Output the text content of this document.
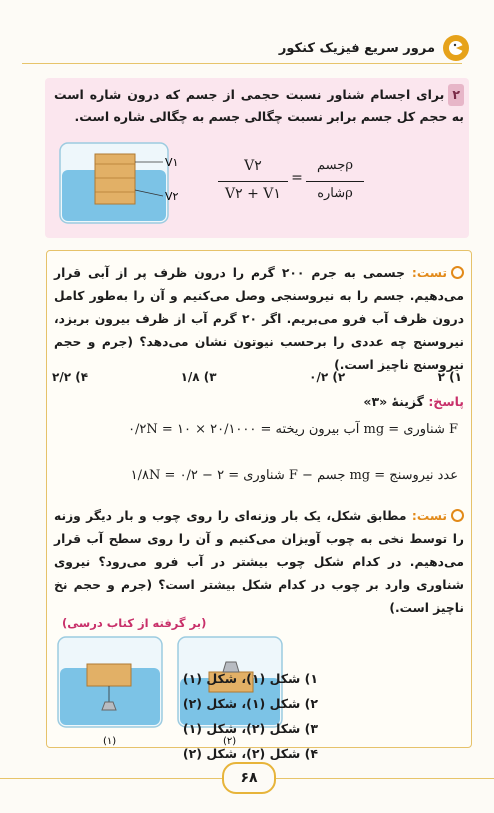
مرور سریع فیزیک کنکور
۲برای اجسام شناور نسبت حجمی از جسم که درون شاره است به حجم کل جسم برابر نسبت چگالی جسم به چگالی شاره است.
V۱
V۲
V۲
V۲ + V۱
=
ρجسم
ρشاره
تست: جسمی به جرم ۲۰۰ گرم را درون ظرف پر از آبی قرار می‌دهیم. جسم را به نیروسنجی وصل می‌کنیم و آن را به‌طور کامل درون ظرف آب فرو می‌بریم. اگر ۲۰ گرم آب از ظرف بیرون بریزد، نیروسنج چه عددی را برحسب نیوتون نشان می‌دهد؟ (جرم و حجم نیروسنج ناچیز است.)
۱) ۲
۲) ۰/۲
۳) ۱/۸
۴) ۲/۲
پاسخ: گزینهٔ «۳»
F شناوری = mg آب بیرون ریخته = ۲۰/۱۰۰۰ × ۱۰ = ۰/۲N
عدد نیروسنج = mg جسم − F شناوری = ۲ − ۰/۲ = ۱/۸N
تست: مطابق شکل، یک بار وزنه‌ای را روی چوب و بار دیگر وزنه را توسط نخی به چوب آویزان می‌کنیم و آن را روی سطح آب قرار می‌دهیم. در کدام شکل چوب بیشتر در آب فرو می‌رود؟ نیروی شناوری وارد بر چوب در کدام شکل بیشتر است؟ (جرم و حجم نخ ناچیز است.)
(بر گرفته از کتاب درسی)
(۱)	(۲)
۱) شکل (۱)، شکل (۱)
۲) شکل (۱)، شکل (۲)
۳) شکل (۲)، شکل (۱)
۴) شکل (۲)، شکل (۲)
۶۸
